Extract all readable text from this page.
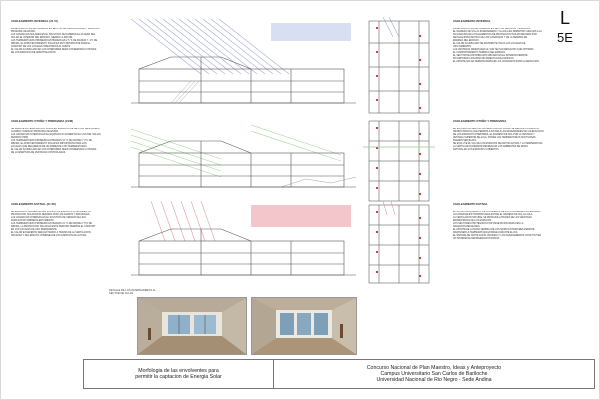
L
5E
ASOLEAMIENTO INVERNAL (21 VI)
PENETRACION SOLAR INVERNAL EN SECTOR DE CIRCULACIONES Y ESPACIOS
PRINCIPAL DE ESTAR.
LAS GANANCIAS SOLARES EN EL SOLSTICIO DE INVIERNO EL ACCESO DEL
SOL EN EL INTERIOR DEL EDIFICIO, SIENDO LA MAYOR.
LAS TEMPERATURAS PROMEDIO ESTIMADAS EN 2,5 °C DE MAXIMA Y -1°C DE
MINIMA, EL APROVECHAMIENTO SOLAR ES MUY IMPORTANTE PARA EL
CONFORT DE LOS LOCALES ORIENTADOS AL NORTE.
EL CALOR ACUMULADO EN LOS INTERIORES SERA CONSERVADO A TRAVES
DE LOS ESPACIOS DE AMORTIGUACION.
ASOLEAMIENTO INVERNAL
PENETRACION SOLAR INVERNAL EN SECTOR DE AULAS Y ESPACIOS
EL INGRESO DE SOL AL INVERNADERO Y AL AULA ES PERMITIDO GRACIAS A LA
INCLINACION DE LOS ELEMENTOS DE PROTECCION SOLAR DEFINIDA POR
DETALLE BIOCLIMATICO DE LOS GANANCIAS Y DE LA PERDIDA DE
ENERGIA DEL EDIFICIO.
EL CALOR ACUMULADO SE DISTRIBUYE HACIA LOS LOCALES DE
USO INMEDIATO.
LAS VENTANAS ORIENTADAS AL SUR SE HAN REDUCIDO QUE OPTIMIZA
EL COMPORTAMIENTO TERMICO DEL EDIFICIO.
EL SECTOR DE DISTRIBUCION UBICADO EN EL INTERIOR PERMITE
INCORPORAR LA RADIACION DIRECTA EN EL EDIFICIO.
EL APORTE SOLAR PERMITE REDUCIR LOS CONSUMOS PARA CALEFACCION.
ASOLEAMIENTO OTOÑO Y PRIMAVERA (21/III)
SE REDUCE LA PENETRACION SOLAR EN ESPACIOS DE GESTION DE ESCUELA
GUARDA Y ESPACIO PRINCIPAL DE ESTAR.
LAS GANANCIAS INTERNAS EN EL EQUINOCCIO AUMENTAN EL USO DEL SOL EN
PERIODO TIBIO.
LAS TEMPERATURAS PROMEDIO ESTIMADAS 12 °C DE MAXIMA Y 2°C DE
MINIMA, EL APROVECHAMIENTO SOLAR ES IMPORTANTE PARA LOS
LOCALES QUE REQUIERAN DE UN AMBIENTE CON TEMPERATURAS.
EL CALOR ACUMULADO EN LOS INTERIORES SERA CONSERVADO A TRAVES
DE LA APERTURA DE VENTANAS CONTROLADAS.
ASOLEAMIENTO OTOÑO Y PRIMAVERA
EN ESTA EPOCA DEL AÑO LA PENETRACION SOLAR SE REDUCE UN ESPACIO
SIENDO PARCIAL QUE PERMITA AJUSTAR A LAS NECESIDADES DE CALEFACCION
DE LOS ESPACIOS INTERIORES, EL INGRESO DE SOL POR LA VENTANA Y
VENTANA SUPERIOR DE AULA, DONDE LAS TEMPERATURAS NOCTURNAS
PUEDEN SER BAJAS.
SE EXCLUYE EL SOL DE LOS ESPACIOS DE MAYOR ALTURA Y LA TEMPERATURA.
LA VENTILACION PERMITE REFRESCAR LOS AMBIENTES DE MODO
NATURAL EN LOS ESPACIOS CUBIERTOS.
ASOLEAMIENTO ESTIVAL (21 XII)
SE ELIMINA LA INCIDENCIA DEL SOL EN LOS ESPACIOS INTERIORES, LA
PROTECCION SOLAR ESTA DEFINIDA POR LOS ALEROS Y PARASOLES.
LAS GANANCIAS INTERNAS EN EL SOLSTICIO DE VERANO DEL SOL
PARA EVITAR SOBRECALENTAMIENTO.
LAS TEMPERATURAS PROMEDIO ESTIMADAS 21 °C DE MAXIMA Y 5°C DE
MINIMA, LA PROTECCION SOLAR EN ESTE PERIODO PERMITE EL CONFORT
EN LOS LOCALES DE USO PERMANENTE.
EL CALOR EXCEDENTE SERA EXTRAIDO A TRAVES DE LA VENTILACION
CRUZADA Y DEL EFECTO CHIMENEA DE LOS ESPACIOS DE ALTURA.
ASOLEAMIENTO ESTIVAL
EL SOL ES BLOQUEADO POR LOS ALEROS DE LOS VOLUMENES SUPERIORES.
LOS PARASOLES HORIZONTALES EVITAN EL INGRESO DE SOL AL AULA.
LA VENTILACION NATURAL SE PRODUCE A TRAVES DE LAS VENTANAS
ENFRENTADAS DE LOS ESPACIOS.
LOS SECTORES PROTEGIDOS POR VEGETACION REDUCEN LA
RADIACION REFLEJADA.
EL APORTE DE LA MASA TERMICA DE LOS MUROS INTERIORES PERMITE
MANTENER LA TEMPERATURA ESTABLE DURANTE EL DIA.
EL SISTEMA DE VENTILACION CRUZADA Y LOS INVERNADEROS CONSTITUYEN
UN SISTEMA DE REFRIGERACION PASIVA.
DETALLE DE LOS INVERNADEROS AL
SECTOR DE AULAS
Morfologia de las envolventes para
permitir la captacion de Energia Solar
Concurso Nacional de Plan Maestro, Ideas y Anteproyecto
Campus Universitario San Carlos de Bariloche
Universidad Nacional de Rio Negro - Sede Andina
